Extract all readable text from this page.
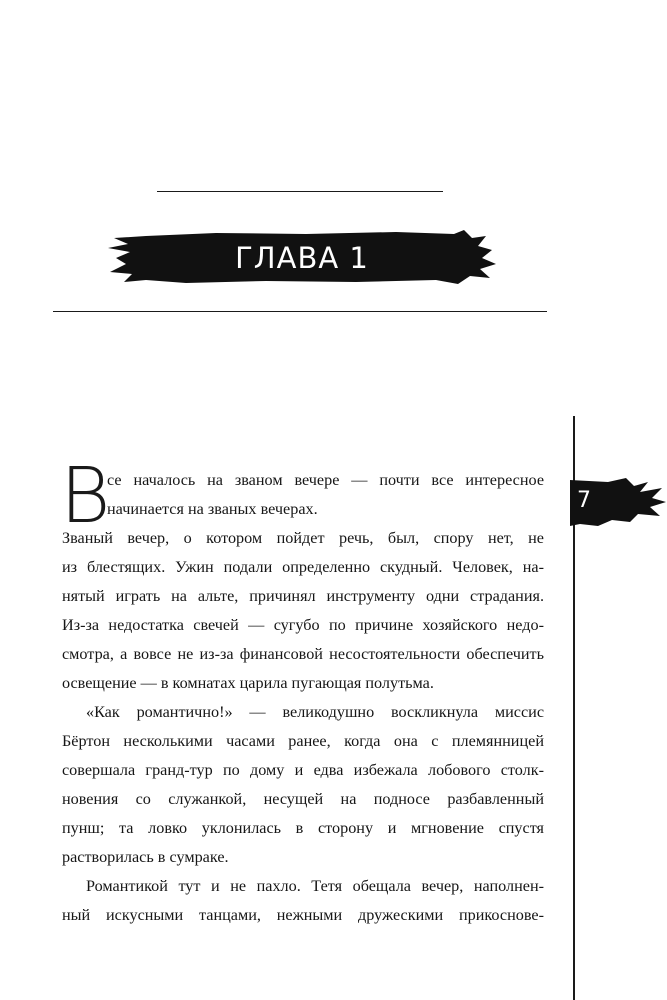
ГЛАВА 1
7
В
се началось на званом вечере — почти все интересное
начинается на званых вечерах.
Званый вечер, о котором пойдет речь, был, спору нет, не
из блестящих. Ужин подали определенно скудный. Человек, на-
нятый играть на альте, причинял инструменту одни страдания.
Из-за недостатка свечей — сугубо по причине хозяйского недо-
смотра, а вовсе не из-за финансовой несостоятельности обеспечить
освещение — в комнатах царила пугающая полутьма.
«Как романтично!» — великодушно воскликнула миссис
Бёртон несколькими часами ранее, когда она с племянницей
совершала гранд-тур по дому и едва избежала лобового столк-
новения со служанкой, несущей на подносе разбавленный
пунш; та ловко уклонилась в сторону и мгновение спустя
растворилась в сумраке.
Романтикой тут и не пахло. Тетя обещала вечер, наполнен-
ный искусными танцами, нежными дружескими прикоснове-
